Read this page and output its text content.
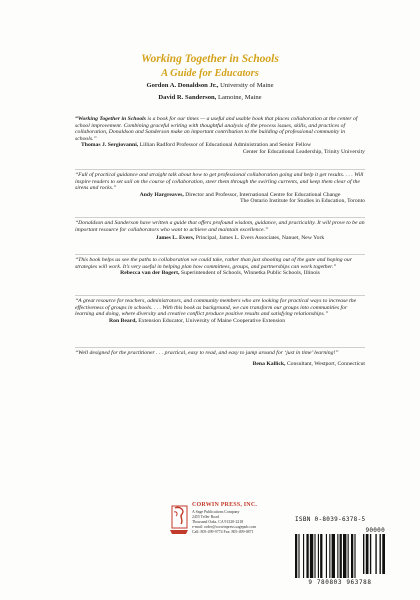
Working Together in Schools
A Guide for Educators
Gordon A. Donaldson Jr., University of Maine
David R. Sanderson, Lamoine, Maine
“Working Together in Schools is a book for our times — a useful and usable book that places collaboration at the center of school improvement. Combining graceful writing with thoughtful analysis of the process issues, skills, and practices of collaboration, Donaldson and Sanderson make an important contribution to the building of professional community in schools.”
Thomas J. Sergiovanni, Lillian Radford Professor of Educational Administration and Senior Fellow
Center for Educational Leadership, Trinity University
“Full of practical guidance and straight talk about how to get professional collaboration going and help it get results. . . . Will inspire readers to set sail on the course of collaboration, steer them through the swirling currents, and keep them clear of the sirens and rocks.”
Andy Hargreaves, Director and Professor, International Centre for Educational Change
The Ontario Institute for Studies in Education, Toronto
“Donaldson and Sanderson have written a guide that offers profound wisdom, guidance, and practicality. It will prove to be an important resource for collaborators who want to achieve and maintain excellence.”
James L. Evers, Principal, James L. Evers Associates, Nanuet, New York
“This book helps us see the paths to collaboration we could take, rather than just shooting out of the gate and hoping our strategies will work. It’s very useful in helping plan how committees, groups, and partnerships can work together.”
Rebecca van der Bogert, Superintendent of Schools, Winnetka Public Schools, Illinois
“A great resource for teachers, administrators, and community members who are looking for practical ways to increase the effectiveness of groups in schools. . . . With this book as background, we can transform our groups into communities for learning and doing, where diversity and creative conflict produce positive results and satisfying relationships.”
Ron Beard, Extension Educator, University of Maine Cooperative Extension
“Well designed for the practitioner . . . practical, easy to read, and easy to jump around for ‘just in time’ learning!”
Bena Kallick, Consultant, Westport, Connecticut
CORWIN PRESS, INC.
A Sage Publications Company
2455 Teller Road
Thousand Oaks, CA 91320-2218
e-mail: order@corwinpress.sagepub.com
Call: 805-499-9774 Fax: 805-499-0871
ISBN 0-8039-6378-5
90000
9 780803 963788
